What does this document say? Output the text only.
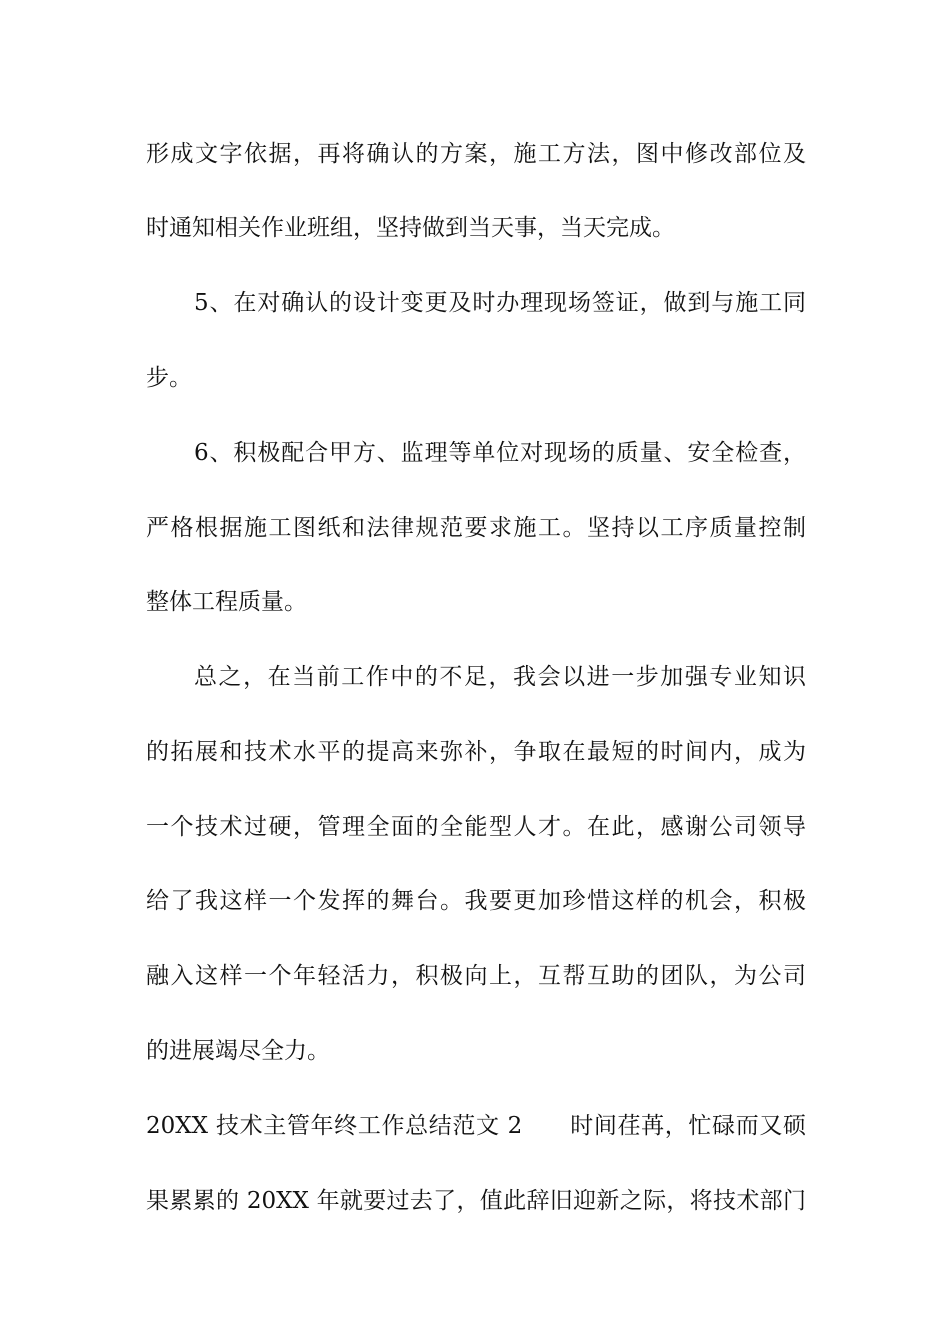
形成文字依据，再将确认的方案，施工方法，图中修改部位及
时通知相关作业班组，坚持做到当天事，当天完成。
5、在对确认的设计变更及时办理现场签证，做到与施工同
步。
6、积极配合甲方、监理等单位对现场的质量、安全检查，
严格根据施工图纸和法律规范要求施工。坚持以工序质量控制
整体工程质量。
总之，在当前工作中的不足，我会以进一步加强专业知识
的拓展和技术水平的提高来弥补，争取在最短的时间内，成为
一个技术过硬，管理全面的全能型人才。在此，感谢公司领导
给了我这样一个发挥的舞台。我要更加珍惜这样的机会，积极
融入这样一个年轻活力，积极向上，互帮互助的团队，为公司
的进展竭尽全力。
20XX 技术主管年终工作总结范文 2　　时间荏苒，忙碌而又硕
果累累的 20XX 年就要过去了，值此辞旧迎新之际，将技术部门
